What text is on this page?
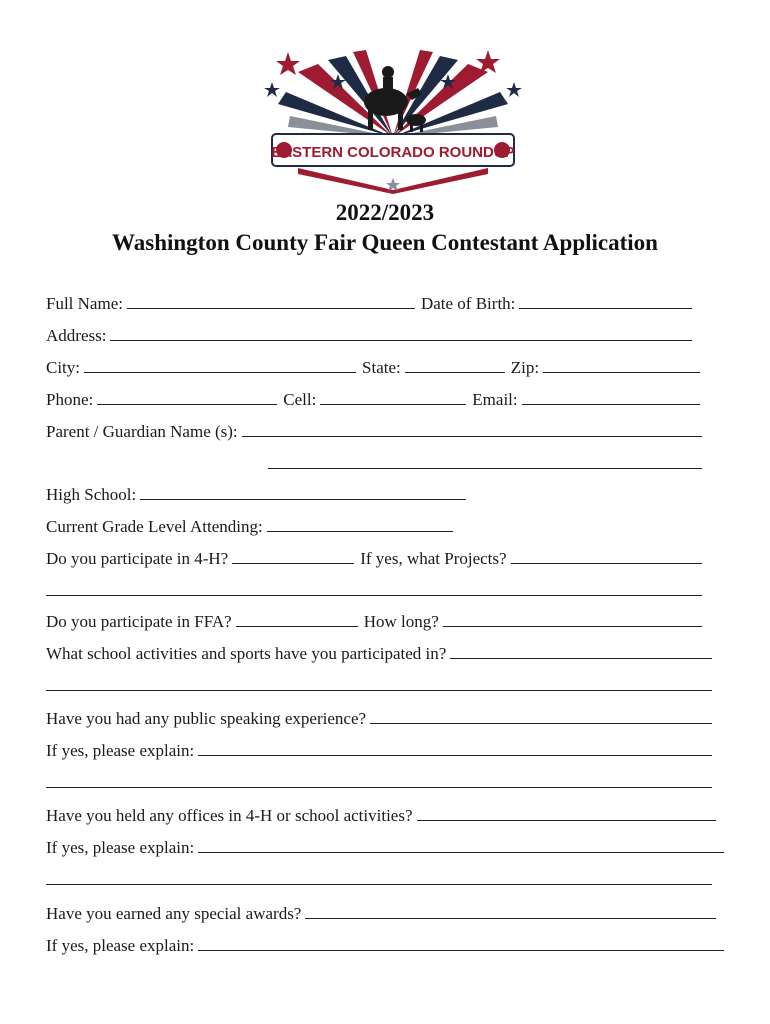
EASTERN COLORADO ROUNDUP
2022/2023
Washington County Fair Queen Contestant Application
Full Name:	Date of Birth:
Address:
City:	State:	Zip:
Phone:	Cell:	Email:
Parent / Guardian Name (s):
High School:
Current Grade Level Attending:
Do you participate in 4-H?	If yes, what Projects?
Do you participate in FFA?	How long?
What school activities and sports have you participated in?
Have you had any public speaking experience?
If yes, please explain:
Have you held any offices in 4-H or school activities?
If yes, please explain:
Have you earned any special awards?
If yes, please explain:
